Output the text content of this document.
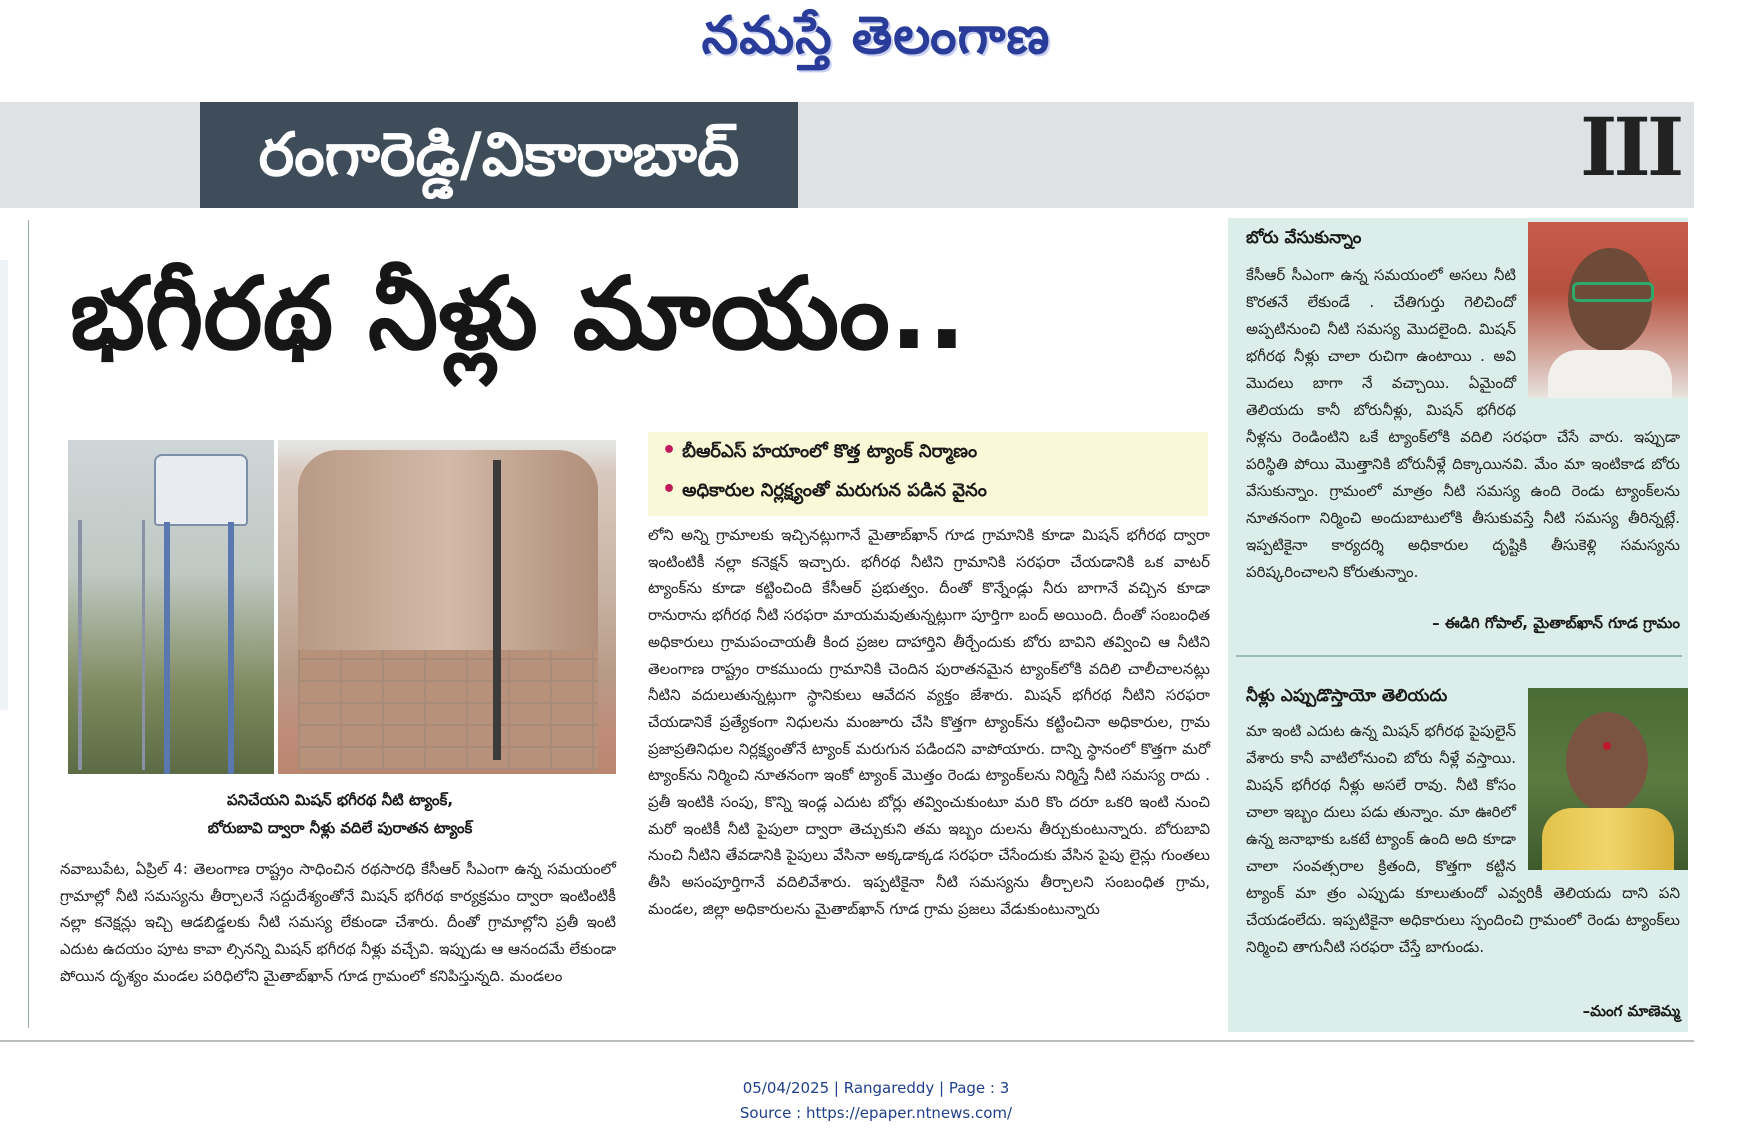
నమస్తే తెలంగాణ
రంగారెడ్డి/వికారాబాద్	III
భగీరథ నీళ్లు మాయం..
పనిచేయని మిషన్ భగీరథ నీటి ట్యాంక్,
బోరుబావి ద్వారా నీళ్లు వదిలే పురాతన ట్యాంక్
• బీఆర్ఎస్ హయాంలో కొత్త ట్యాంక్ నిర్మాణం
• అధికారుల నిర్లక్ష్యంతో మరుగున పడిన వైనం
నవాబుపేట, ఏప్రిల్ 4: తెలంగాణ రాష్ట్రం సాధించిన రథసారధి కేసీఆర్ సీఎంగా ఉన్న సమయంలో గ్రామాల్లో నీటి సమస్యను తీర్చాలనే సద్దుదేశ్యంతోనే మిషన్ భగీరథ కార్యక్రమం ద్వారా ఇంటింటికీ నల్లా కనెక్షన్లు ఇచ్చి ఆడబిడ్డలకు నీటి సమస్య లేకుండా చేశారు. దీంతో గ్రామాల్లోని ప్రతీ ఇంటి ఎదుట ఉదయం పూట కావా ల్సినన్ని మిషన్ భగీరథ నీళ్లు వచ్చేవి. ఇప్పుడు ఆ ఆనందమే లేకుండా పోయిన దృశ్యం మండల పరిధిలోని మైతాబ్‌ఖాన్ గూడ గ్రామంలో కనిపిస్తున్నది. మండలం
లోని అన్ని గ్రామాలకు ఇచ్చినట్లుగానే మైతాబ్‌ఖాన్ గూడ గ్రామానికి కూడా మిషన్ భగీరథ ద్వారా ఇంటింటికీ నల్లా కనెక్షన్ ఇచ్చారు. భగీరథ నీటిని గ్రామానికి సరఫరా చేయడానికి ఒక వాటర్ ట్యాంక్‌ను కూడా కట్టించింది కేసీఆర్ ప్రభుత్వం. దీంతో కొన్నేండ్లు నీరు బాగానే వచ్చిన కూడా రానురాను భగీరథ నీటి సరఫరా మాయమవుతున్నట్లుగా పూర్తిగా బంద్ అయింది. దీంతో సంబంధిత అధికారులు గ్రామపంచాయతీ కింద ప్రజల దాహార్తిని తీర్చేందుకు బోరు బావిని తవ్వించి ఆ నీటిని తెలంగాణ రాష్ట్రం రాకముందు గ్రామానికి చెందిన పురాతనమైన ట్యాంక్‌లోకి వదిలి చాలీచాలనట్లు నీటిని వదులుతున్నట్లుగా స్థానికులు ఆవేదన వ్యక్తం జేశారు. మిషన్ భగీరథ నీటిని సరఫరా చేయడానికే ప్రత్యేకంగా నిధులను మంజూరు చేసి కొత్తగా ట్యాంక్‌ను కట్టించినా అధికారుల, గ్రామ ప్రజాప్రతినిధుల నిర్లక్ష్యంతోనే ట్యాంక్ మరుగున పడిందని వాపోయారు. దాన్ని స్థానంలో కొత్తగా మరో ట్యాంక్‌ను నిర్మించి నూతనంగా ఇంకో ట్యాంక్ మొత్తం రెండు ట్యాంక్‌లను నిర్మిస్తే నీటి సమస్య రాదు . ప్రతీ ఇంటికి సంపు, కొన్ని ఇండ్ల ఎదుట బోర్లు తవ్వించుకుంటూ మరి కొం దరూ ఒకరి ఇంటి నుంచి మరో ఇంటికీ నీటి పైపులా ద్వారా తెచ్చుకుని తమ ఇబ్బం దులను తీర్చుకుంటున్నారు. బోరుబావి నుంచి నీటిని తేవడానికి పైపులు వేసినా అక్కడాక్కడ సరఫరా చేసేందుకు వేసిన పైపు లైన్లు గుంతలు తీసి అసంపూర్తిగానే వదిలివేశారు. ఇప్పటికైనా నీటి సమస్యను తీర్చాలని సంబంధిత గ్రామ, మండల, జిల్లా అధికారులను మైతాబ్‌ఖాన్ గూడ గ్రామ ప్రజలు వేడుకుంటున్నారు
బోరు వేసుకున్నాం
కేసీఆర్ సీఎంగా ఉన్న సమయంలో అసలు నీటి కొరతనే లేకుండే . చేతిగుర్తు గెలిచిందో అప్పటినుంచి నీటి సమస్య మొదలైంది. మిషన్ భగీరథ నీళ్లు చాలా రుచిగా ఉంటాయి . అవి మొదలు బాగా నే వచ్చాయి. ఏమైందో తెలియదు కానీ బోరునీళ్లు, మిషన్ భగీరథ నీళ్లను రెండింటిని ఒకే ట్యాంక్‌లోకి వదిలి సరఫరా చేసే వారు. ఇప్పుడా పరిస్థితి పోయి మొత్తానికి బోరునీళ్లే దిక్కాయినవి. మేం మా ఇంటికాడ బోరు వేసుకున్నాం. గ్రామంలో మాత్రం నీటి సమస్య ఉంది రెండు ట్యాంక్‌లను నూతనంగా నిర్మించి అందుబాటులోకి తీసుకువస్తే నీటి సమస్య తీరిన్నట్లే. ఇప్పటికైనా కార్యదర్శి అధికారుల దృష్టికి తీసుకెళ్లి సమస్యను పరిష్కరించాలని కోరుతున్నాం.
– ఈడిగి గోపాల్, మైతాబ్‌ఖాన్ గూడ గ్రామం
నీళ్లు ఎప్పుడొస్తాయో తెలియదు
మా ఇంటి ఎదుట ఉన్న మిషన్ భగీరథ పైపులైన్ వేశారు కానీ వాటిలోనుంచి బోరు నీళ్లే వస్తాయి. మిషన్ భగీరథ నీళ్లు అసలే రావు. నీటి కోసం చాలా ఇబ్బం దులు పడు తున్నాం. మా ఊరిలో ఉన్న జనాభాకు ఒకటే ట్యాంక్ ఉంది అది కూడా చాలా సంవత్సరాల క్రితంది, కొత్తగా కట్టిన ట్యాంక్ మా త్రం ఎప్పుడు కూలుతుందో ఎవ్వరికీ తెలియదు దాని పని చేయడంలేదు. ఇప్పటికైనా అధికారులు స్పందించి గ్రామంలో రెండు ట్యాంక్‌లు నిర్మించి తాగునీటి సరఫరా చేస్తే బాగుండు.
–మంగ మాణెమ్మ
05/04/2025 | Rangareddy | Page : 3
Source : https://epaper.ntnews.com/
